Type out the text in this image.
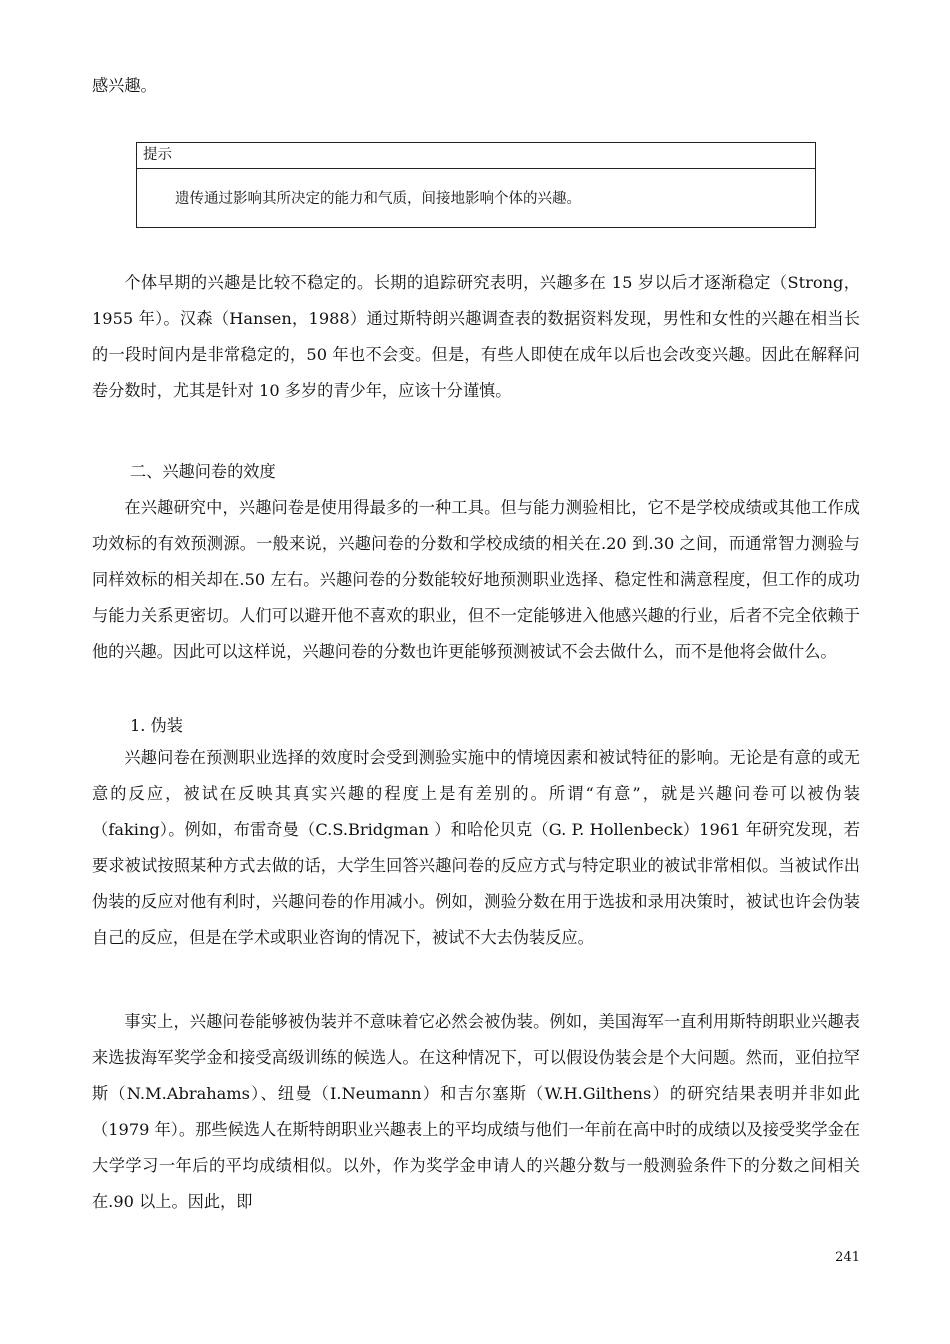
感兴趣。
提示
遗传通过影响其所决定的能力和气质，间接地影响个体的兴趣。

个体早期的兴趣是比较不稳定的。长期的追踪研究表明，兴趣多在 15 岁以后才逐渐稳定（Strong，1955 年）。汉森（Hansen，1988）通过斯特朗兴趣调查表的数据资料发现，男性和女性的兴趣在相当长的一段时间内是非常稳定的，50 年也不会变。但是，有些人即使在成年以后也会改变兴趣。因此在解释问卷分数时，尤其是针对 10 多岁的青少年，应该十分谨慎。

二、兴趣问卷的效度

在兴趣研究中，兴趣问卷是使用得最多的一种工具。但与能力测验相比，它不是学校成绩或其他工作成功效标的有效预测源。一般来说，兴趣问卷的分数和学校成绩的相关在.20 到.30 之间，而通常智力测验与同样效标的相关却在.50 左右。兴趣问卷的分数能较好地预测职业选择、稳定性和满意程度，但工作的成功与能力关系更密切。人们可以避开他不喜欢的职业，但不一定能够进入他感兴趣的行业，后者不完全依赖于他的兴趣。因此可以这样说，兴趣问卷的分数也许更能够预测被试不会去做什么，而不是他将会做什么。

1. 伪装

兴趣问卷在预测职业选择的效度时会受到测验实施中的情境因素和被试特征的影响。无论是有意的或无意的反应，被试在反映其真实兴趣的程度上是有差别的。所谓“有意”，就是兴趣问卷可以被伪装（faking）。例如，布雷奇曼（C.S.Bridgman ）和哈伦贝克（G. P. Hollenbeck）1961 年研究发现，若要求被试按照某种方式去做的话，大学生回答兴趣问卷的反应方式与特定职业的被试非常相似。当被试作出伪装的反应对他有利时，兴趣问卷的作用减小。例如，测验分数在用于选拔和录用决策时，被试也许会伪装自己的反应，但是在学术或职业咨询的情况下，被试不大去伪装反应。

事实上，兴趣问卷能够被伪装并不意味着它必然会被伪装。例如，美国海军一直利用斯特朗职业兴趣表来选拔海军奖学金和接受高级训练的候选人。在这种情况下，可以假设伪装会是个大问题。然而，亚伯拉罕斯（N.M.Abrahams）、纽曼（I.Neumann）和吉尔塞斯（W.H.Gilthens）的研究结果表明并非如此（1979 年）。那些候选人在斯特朗职业兴趣表上的平均成绩与他们一年前在高中时的成绩以及接受奖学金在大学学习一年后的平均成绩相似。以外，作为奖学金申请人的兴趣分数与一般测验条件下的分数之间相关在.90 以上。因此，即

241
